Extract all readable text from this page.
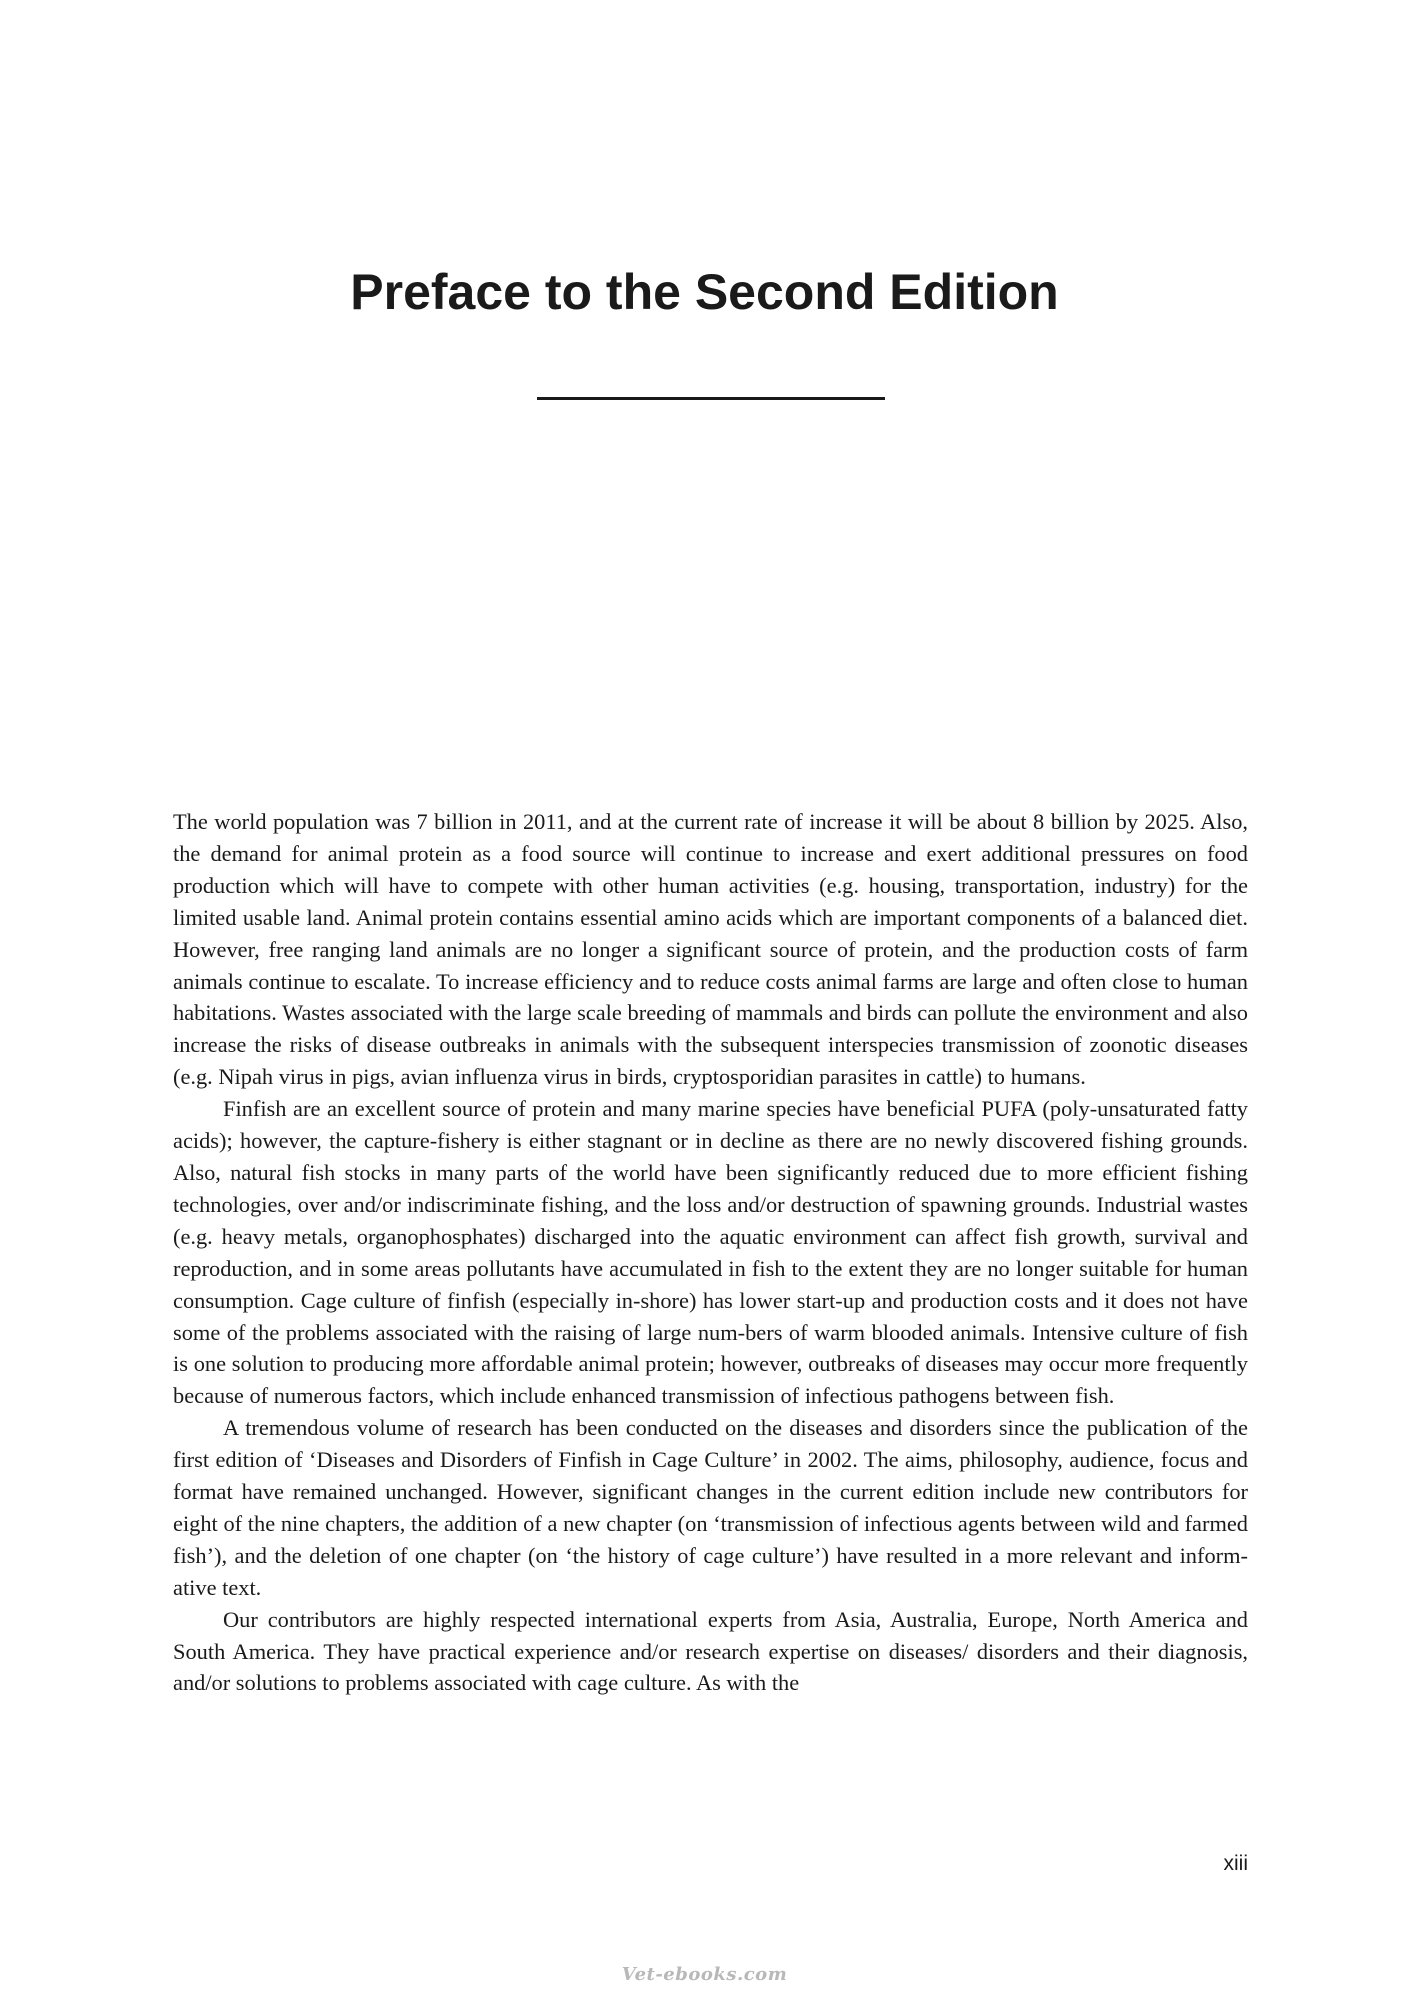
Preface to the Second Edition

The world population was 7 billion in 2011, and at the current rate of increase it will be about 8 billion by 2025. Also, the demand for animal protein as a food source will continue to increase and exert additional pressures on food production which will have to compete with other human activities (e.g. housing, transportation, industry) for the limited usable land. Animal protein contains essential amino acids which are important components of a balanced diet. However, free ranging land animals are no longer a significant source of protein, and the production costs of farm animals continue to escalate. To increase efficiency and to reduce costs animal farms are large and often close to human habitations. Wastes associated with the large scale breeding of mammals and birds can pollute the environment and also increase the risks of disease outbreaks in animals with the subsequent interspecies transmission of zoonotic diseases (e.g. Nipah virus in pigs, avian influenza virus in birds, cryptosporidian parasites in cattle) to humans.

Finfish are an excellent source of protein and many marine species have beneficial PUFA (poly-unsaturated fatty acids); however, the capture-fishery is either stagnant or in decline as there are no newly discovered fishing grounds. Also, natural fish stocks in many parts of the world have been significantly reduced due to more efficient fishing technologies, over and/or indiscriminate fishing, and the loss and/or destruction of spawning grounds. Industrial wastes (e.g. heavy metals, organophosphates) discharged into the aquatic environment can affect fish growth, survival and reproduction, and in some areas pollutants have accumulated in fish to the extent they are no longer suitable for human consumption. Cage culture of finfish (especially in-shore) has lower start-up and production costs and it does not have some of the problems associated with the raising of large num-bers of warm blooded animals. Intensive culture of fish is one solution to producing more affordable animal protein; however, outbreaks of diseases may occur more frequently because of numerous factors, which include enhanced transmission of infectious pathogens between fish.

A tremendous volume of research has been conducted on the diseases and disorders since the publication of the first edition of ‘Diseases and Disorders of Finfish in Cage Culture’ in 2002. The aims, philosophy, audience, focus and format have remained unchanged. However, significant changes in the current edition include new contributors for eight of the nine chapters, the addition of a new chapter (on ‘transmission of infectious agents between wild and farmed fish’), and the deletion of one chapter (on ‘the history of cage culture’) have resulted in a more relevant and inform-ative text.

Our contributors are highly respected international experts from Asia, Australia, Europe, North America and South America. They have practical experience and/or research expertise on diseases/ disorders and their diagnosis, and/or solutions to problems associated with cage culture. As with the

xiii
Vet-ebooks.com
